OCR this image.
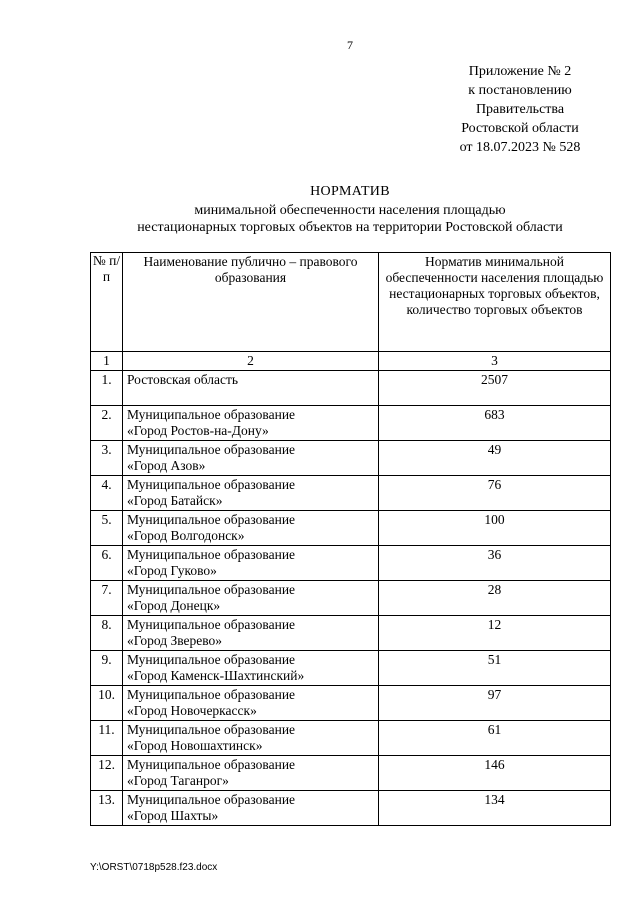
7
Приложение № 2
к постановлению
Правительства
Ростовской области
от 18.07.2023 № 528
НОРМАТИВ
минимальной обеспеченности населения площадью
нестационарных торговых объектов на территории Ростовской области
№ п/п	Наименование публично – правового образования	Норматив минимальной обеспеченности населения площадью нестационарных торговых объектов, количество торговых объектов
1	2	3
1.	Ростовская область	2507
2.	Муниципальное образование
«Город Ростов-на-Дону»	683
3.	Муниципальное образование
«Город Азов»	49
4.	Муниципальное образование
«Город Батайск»	76
5.	Муниципальное образование
«Город Волгодонск»	100
6.	Муниципальное образование
«Город Гуково»	36
7.	Муниципальное образование
«Город Донецк»	28
8.	Муниципальное образование
«Город Зверево»	12
9.	Муниципальное образование
«Город Каменск-Шахтинский»	51
10.	Муниципальное образование
«Город Новочеркасск»	97
11.	Муниципальное образование
«Город Новошахтинск»	61
12.	Муниципальное образование
«Город Таганрог»	146
13.	Муниципальное образование
«Город Шахты»	134
Y:\ORST\0718p528.f23.docx
